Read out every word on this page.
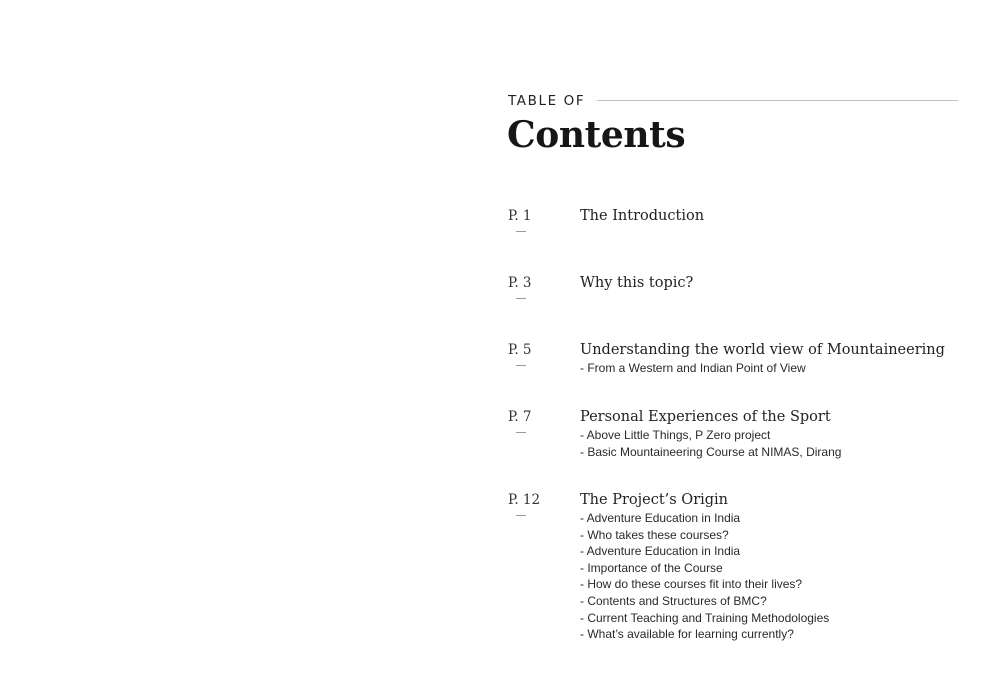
TABLE OF
Contents
P. 1	The Introduction
P. 3	Why this topic?
P. 5	Understanding the world view of Mountaineering
- From a Western and Indian Point of View
P. 7	Personal Experiences of the Sport
- Above Little Things, P Zero project
- Basic Mountaineering Course at NIMAS, Dirang
P. 12	The Project’s Origin
- Adventure Education in India
- Who takes these courses?
- Adventure Education in India
- Importance of the Course
- How do these courses fit into their lives?
- Contents and Structures of BMC?
- Current Teaching and Training Methodologies
- What’s available for learning currently?
